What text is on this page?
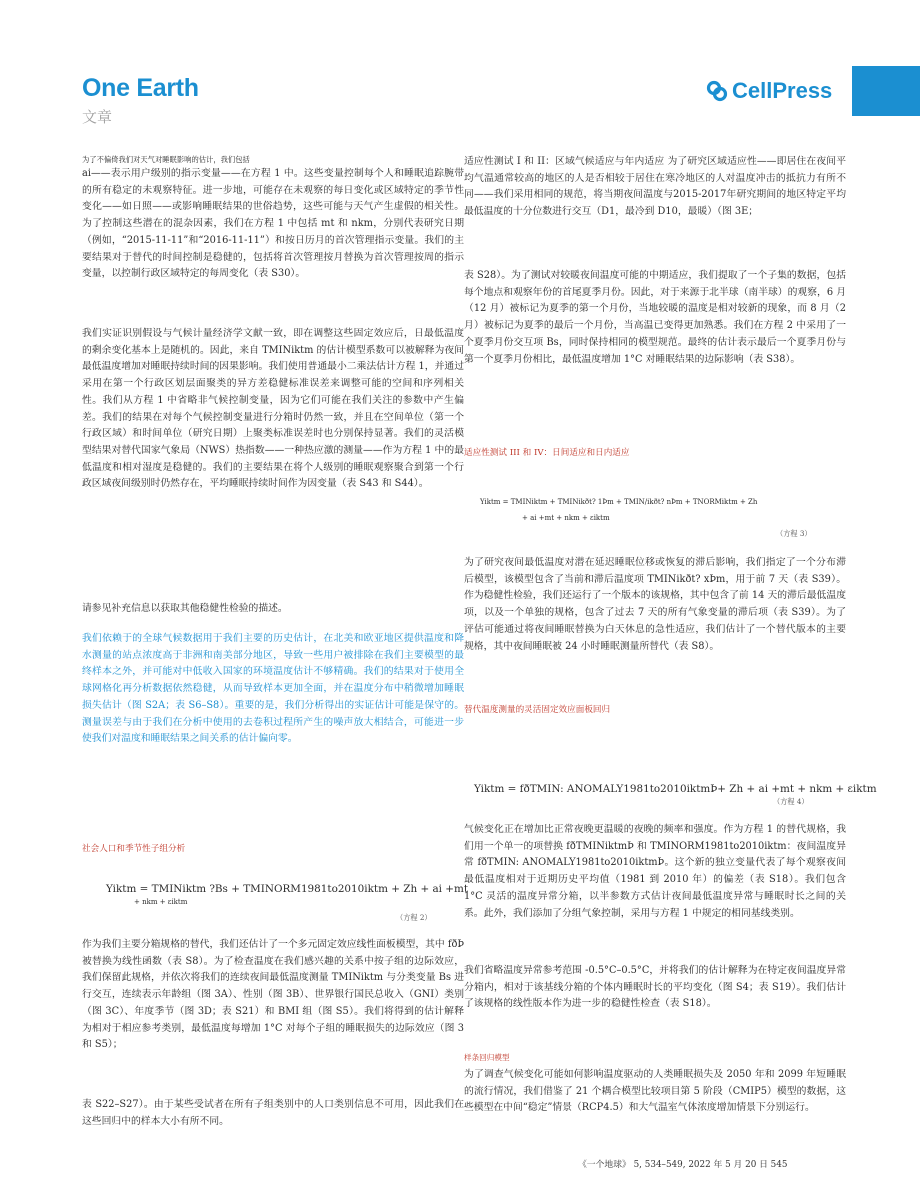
One Earth
文章
CellPress
为了不偏倚我们对天气对睡眠影响的估计，我们包括
ai——表示用户级别的指示变量——在方程 1 中。这些变量控制每个人和睡眠追踪腕带的所有稳定的未观察特征。进一步地，可能存在未观察的每日变化或区域特定的季节性变化——如日照——或影响睡眠结果的世俗趋势，这些可能与天气产生虚假的相关性。为了控制这些潜在的混杂因素，我们在方程 1 中包括 mt 和 nkm，分别代表研究日期（例如，“2015-11-11”和“2016-11-11”）和按日历月的首次管理指示变量。我们的主要结果对于替代的时间控制是稳健的，包括将首次管理按月替换为首次管理按周的指示变量，以控制行政区域特定的每周变化（表 S30）。
我们实证识别假设与气候计量经济学文献一致，即在调整这些固定效应后，日最低温度的剩余变化基本上是随机的。因此，来自 TMINiktm 的估计模型系数可以被解释为夜间最低温度增加对睡眠持续时间的因果影响。我们使用普通最小二乘法估计方程 1，并通过采用在第一个行政区划层面聚类的异方差稳健标准误差来调整可能的空间和序列相关性。我们从方程 1 中省略非气候控制变量，因为它们可能在我们关注的参数中产生偏差。我们的结果在对每个气候控制变量进行分箱时仍然一致，并且在空间单位（第一个行政区域）和时间单位（研究日期）上聚类标准误差时也分别保持显著。我们的灵活模型结果对替代国家气象局（NWS）热指数——一种热应激的测量——作为方程 1 中的最低温度和相对湿度是稳健的。我们的主要结果在将个人级别的睡眠观察聚合到第一个行政区域夜间级别时仍然存在，平均睡眠持续时间作为因变量（表 S43 和 S44）。
请参见补充信息以获取其他稳健性检验的描述。
我们依赖于的全球气候数据用于我们主要的历史估计，在北美和欧亚地区提供温度和降水测量的站点浓度高于非洲和南美部分地区，导致一些用户被排除在我们主要模型的最终样本之外，并可能对中低收入国家的环境温度估计不够精确。我们的结果对于使用全球网格化再分析数据依然稳健，从而导致样本更加全面，并在温度分布中稍微增加睡眠损失估计（图 S2A；表 S6–S8）。重要的是，我们分析得出的实证估计可能是保守的。测量误差与由于我们在分析中使用的去卷积过程所产生的噪声放大相结合，可能进一步使我们对温度和睡眠结果之间关系的估计偏向零。
社会人口和季节性子组分析
Yiktm = TMINiktm ?Bs + TMINORM1981to2010iktm + Zh + ai +mt
+ nkm + εiktm
（方程 2）
作为我们主要分箱规格的替代，我们还估计了一个多元固定效应线性面板模型，其中 fðÞ 被替换为线性函数（表 S8）。为了检查温度在我们感兴趣的关系中按子组的边际效应，我们保留此规格，并依次将我们的连续夜间最低温度测量 TMINiktm 与分类变量 Bs 进行交互，连续表示年龄组（图 3A）、性别（图 3B）、世界银行国民总收入（GNI）类别（图 3C）、年度季节（图 3D；表 S21）和 BMI 组（图 S5）。我们将得到的估计解释为相对于相应参考类别，最低温度每增加 1°C 对每个子组的睡眠损失的边际效应（图 3 和 S5）；
表 S22–S27）。由于某些受试者在所有子组类别中的人口类别信息不可用，因此我们在这些回归中的样本大小有所不同。
适应性测试 I 和 II：区域气候适应与年内适应 为了研究区域适应性——即居住在夜间平均气温通常较高的地区的人是否相较于居住在寒冷地区的人对温度冲击的抵抗力有所不同——我们采用相同的规范，将当期夜间温度与2015-2017年研究期间的地区特定平均最低温度的十分位数进行交互（D1，最冷到 D10，最暖）（图 3E；
表 S28）。为了测试对较暖夜间温度可能的中期适应，我们提取了一个子集的数据，包括每个地点和观察年份的首尾夏季月份。因此，对于来源于北半球（南半球）的观察，6 月（12 月）被标记为夏季的第一个月份，当地较暖的温度是相对较新的现象，而 8 月（2 月）被标记为夏季的最后一个月份，当高温已变得更加熟悉。我们在方程 2 中采用了一个夏季月份交互项 Bs，同时保持相同的模型规范。最终的估计表示最后一个夏季月份与第一个夏季月份相比，最低温度增加 1°C 对睡眠结果的边际影响（表 S38）。
适应性测试 III 和 IV：日间适应和日内适应
Yiktm = TMINiktm + TMINikðt? 1Þm + TMIN/ikðt? nÞm + TNORMiktm + Zh
+ ai +mt + nkm + εiktm
（方程 3）
为了研究夜间最低温度对潜在延迟睡眠位移或恢复的滞后影响，我们指定了一个分布滞后模型，该模型包含了当前和滞后温度项 TMINikðt? xÞm，用于前 7 天（表 S39）。作为稳健性检验，我们还运行了一个版本的该规格，其中包含了前 14 天的滞后最低温度项，以及一个单独的规格，包含了过去 7 天的所有气象变量的滞后项（表 S39）。为了评估可能通过将夜间睡眠替换为白天休息的急性适应，我们估计了一个替代版本的主要规格，其中夜间睡眠被 24 小时睡眠测量所替代（表 S8）。
替代温度测量的灵活固定效应面板回归
Yiktm = fðTMIN: ANOMALY1981to2010iktmÞ+ Zh + ai +mt + nkm + εiktm
（方程 4）
气候变化正在增加比正常夜晚更温暖的夜晚的频率和强度。作为方程 1 的替代规格，我们用一个单一的项替换 fðTMINiktmÞ 和 TMINORM1981to2010iktm：夜间温度异常 fðTMIN: ANOMALY1981to2010iktmÞ。这个新的独立变量代表了每个观察夜间最低温度相对于近期历史平均值（1981 到 2010 年）的偏差（表 S18）。我们包含 1°C 灵活的温度异常分箱，以半参数方式估计夜间最低温度异常与睡眠时长之间的关系。此外，我们添加了分组气象控制，采用与方程 1 中规定的相同基线类别。
我们省略温度异常参考范围 -0.5°C–0.5°C，并将我们的估计解释为在特定夜间温度异常分箱内，相对于该基线分箱的个体内睡眠时长的平均变化（图 S4；表 S19）。我们估计了该规格的线性版本作为进一步的稳健性检查（表 S18）。
样条回归模型
为了调查气候变化可能如何影响温度驱动的人类睡眠损失及 2050 年和 2099 年短睡眠的流行情况，我们借鉴了 21 个耦合模型比较项目第 5 阶段（CMIP5）模型的数据，这些模型在中间“稳定”情景（RCP4.5）和大气温室气体浓度增加情景下分别运行。
《一个地球》 5, 534–549, 2022 年 5 月 20 日 545
